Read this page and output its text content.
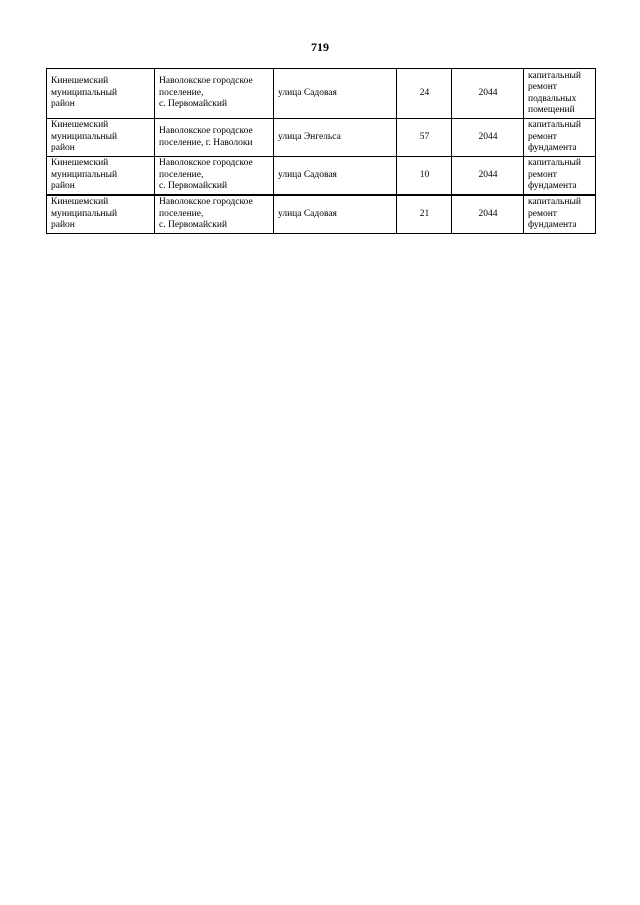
719
Кинешемский
муниципальный
район	Наволокское городское
поселение,
с. Первомайский	улица Садовая	24	2044	капитальный
ремонт
подвальных
помещений
Кинешемский
муниципальный
район	Наволокское городское
поселение, г. Наволоки	улица Энгельса	57	2044	капитальный
ремонт
фундамента
Кинешемский
муниципальный
район	Наволокское городское
поселение,
с. Первомайский	улица Садовая	10	2044	капитальный
ремонт
фундамента
Кинешемский
муниципальный
район	Наволокское городское
поселение,
с. Первомайский	улица Садовая	21	2044	капитальный
ремонт
фундамента
